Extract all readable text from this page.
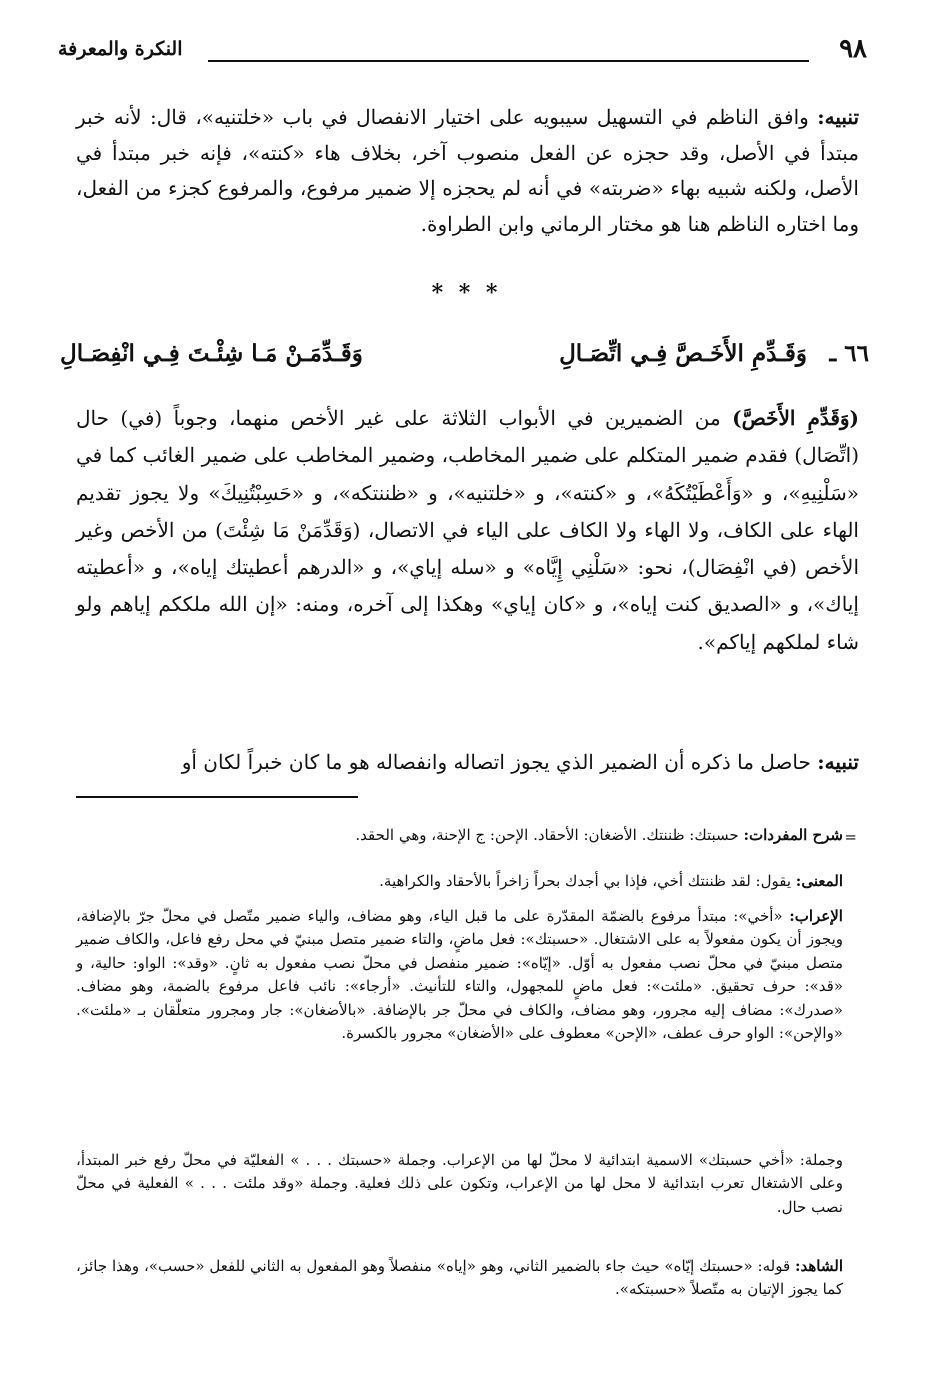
٩٨
النكرة والمعرفة

تنبيه: وافق الناظم في التسهيل سيبويه على اختيار الانفصال في باب «خلتنيه»، قال: لأنه خبر مبتدأ في الأصل، وقد حجزه عن الفعل منصوب آخر، بخلاف هاء «كنته»، فإنه خبر مبتدأ في الأصل، ولكنه شبيه بهاء «ضربته» في أنه لم يحجزه إلا ضمير مرفوع، والمرفوع كجزء من الفعل، وما اختاره الناظم هنا هو مختار الرماني وابن الطراوة.

* * *
٦٦ ـ
وَقَـدِّمِ الأَخَـصَّ فِـي اتِّصَـالِ
وَقَـدِّمَـنْ مَـا شِئْـتَ فِـي انْفِصَـالِ

(وَقَدِّمِ الأَخَصَّ) من الضميرين في الأبواب الثلاثة على غير الأخص منهما، وجوباً (في) حال (اتِّصَال) فقدم ضمير المتكلم على ضمير المخاطب، وضمير المخاطب على ضمير الغائب كما في «سَلْنِيهِ»، و «وَأَعْطَيْتُكَهُ»، و «كنته»، و «خلتنيه»، و «ظننتكه»، و «حَسِبْتُنِيكَ» ولا يجوز تقديم الهاء على الكاف، ولا الهاء ولا الكاف على الياء في الاتصال، (وَقَدِّمَنْ مَا شِئْتَ) من الأخص وغير الأخص (في انْفِصَال)، نحو: «سَلْنِي إِيَّاه» و «سله إياي»، و «الدرهم أعطيتك إياه»، و «أعطيته إياك»، و «الصديق كنت إياه»، و «كان إياي» وهكذا إلى آخره، ومنه: «إن الله ملككم إياهم ولو شاء لملكهم إياكم».

تنبيه: حاصل ما ذكره أن الضمير الذي يجوز اتصاله وانفصاله هو ما كان خبراً لكان أو

=

شرح المفردات: حسبتك: ظننتك. الأضغان: الأحقاد. الإحن: ج الإحنة، وهي الحقد.

المعنى: يقول: لقد ظننتك أخي، فإذا بي أجدك بحراً زاخراً بالأحقاد والكراهية.

الإعراب: «أخي»: مبتدأ مرفوع بالضمّة المقدّرة على ما قبل الياء، وهو مضاف، والياء ضمير متّصل في محلّ جرّ بالإضافة، ويجوز أن يكون مفعولاً به على الاشتغال. «حسبتك»: فعل ماضٍ، والتاء ضمير متصل مبنيّ في محل رفع فاعل، والكاف ضمير متصل مبنيّ في محلّ نصب مفعول به أوّل. «إيّاه»: ضمير منفصل في محلّ نصب مفعول به ثانٍ. «وقد»: الواو: حالية، و «قد»: حرف تحقيق. «ملئت»: فعل ماضٍ للمجهول، والتاء للتأنيث. «أرجاء»: نائب فاعل مرفوع بالضمة، وهو مضاف. «صدرك»: مضاف إليه مجرور، وهو مضاف، والكاف في محلّ جر بالإضافة. «بالأضغان»: جار ومجرور متعلّقان بـ «ملئت». «والإحن»: الواو حرف عطف، «الإحن» معطوف على «الأضغان» مجرور بالكسرة.

وجملة: «أخي حسبتك» الاسمية ابتدائية لا محلّ لها من الإعراب. وجملة «حسبتك . . . » الفعليّة في محلّ رفع خبر المبتدأ، وعلى الاشتغال تعرب ابتدائية لا محل لها من الإعراب، وتكون على ذلك فعلية. وجملة «وقد ملئت . . . » الفعلية في محلّ نصب حال.

الشاهد: قوله: «حسبتك إيّاه» حيث جاء بالضمير الثاني، وهو «إياه» منفصلاً وهو المفعول به الثاني للفعل «حسب»، وهذا جائز، كما يجوز الإتيان به متّصلاً «حسبتكه».
